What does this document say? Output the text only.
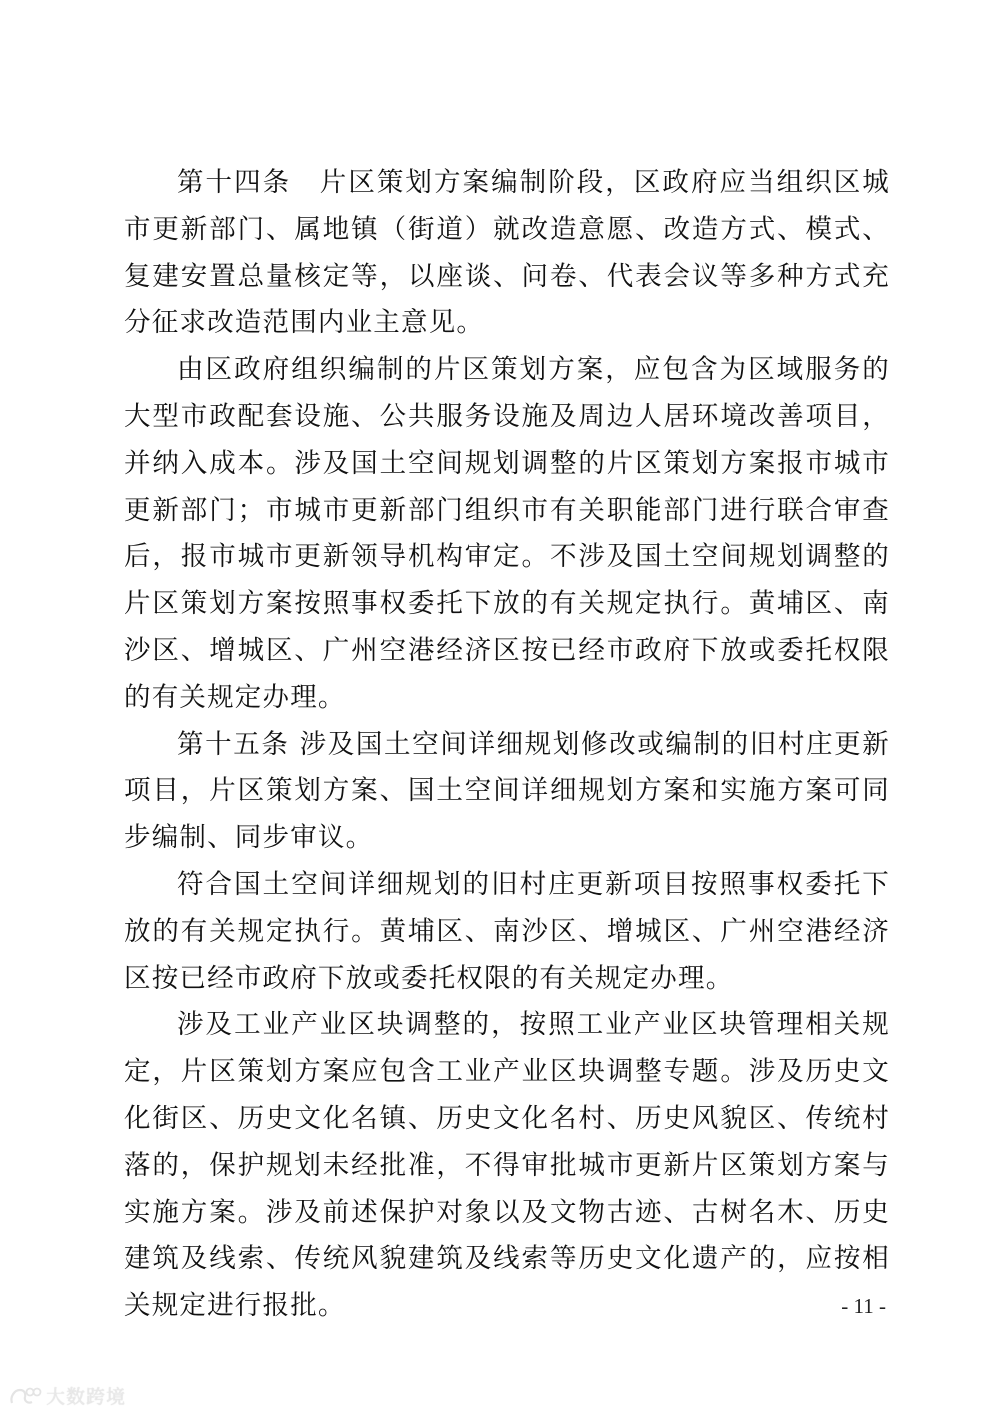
第十四条　片区策划方案编制阶段，区政府应当组织区城市更新部门、属地镇（街道）就改造意愿、改造方式、模式、复建安置总量核定等，以座谈、问卷、代表会议等多种方式充分征求改造范围内业主意见。

由区政府组织编制的片区策划方案，应包含为区域服务的大型市政配套设施、公共服务设施及周边人居环境改善项目，并纳入成本。涉及国土空间规划调整的片区策划方案报市城市更新部门；市城市更新部门组织市有关职能部门进行联合审查后，报市城市更新领导机构审定。不涉及国土空间规划调整的片区策划方案按照事权委托下放的有关规定执行。黄埔区、南沙区、增城区、广州空港经济区按已经市政府下放或委托权限的有关规定办理。

第十五条 涉及国土空间详细规划修改或编制的旧村庄更新项目，片区策划方案、国土空间详细规划方案和实施方案可同步编制、同步审议。

符合国土空间详细规划的旧村庄更新项目按照事权委托下放的有关规定执行。黄埔区、南沙区、增城区、广州空港经济区按已经市政府下放或委托权限的有关规定办理。

涉及工业产业区块调整的，按照工业产业区块管理相关规定，片区策划方案应包含工业产业区块调整专题。涉及历史文化街区、历史文化名镇、历史文化名村、历史风貌区、传统村落的，保护规划未经批准，不得审批城市更新片区策划方案与实施方案。涉及前述保护对象以及文物古迹、古树名木、历史建筑及线索、传统风貌建筑及线索等历史文化遗产的，应按相关规定进行报批。	- 11 -
大数跨境
